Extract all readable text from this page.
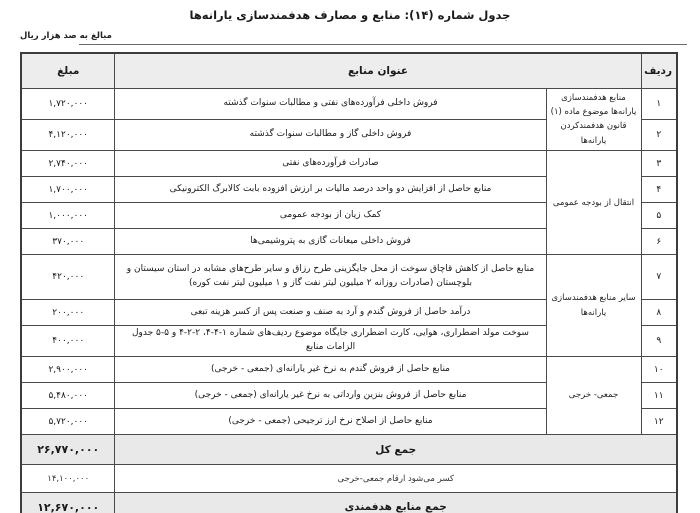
جدول شماره (۱۴): منابع و مصارف هدفمندسازی یارانه‌ها
مبالغ به صد هزار ریال
ردیف	عنوان منابع		مبلغ
۱	منابع هدفمندسازی یارانه‌ها موضوع ماده (۱) قانون هدفمندکردن یارانه‌ها	فروش داخلی فرآورده‌های نفتی و مطالبات سنوات گذشته	۱,۷۲۰,۰۰۰
۲		فروش داخلی گاز و مطالبات سنوات گذشته	۴,۱۲۰,۰۰۰
۳	انتقال از بودجه عمومی	صادرات فرآورده‌های نفتی	۲,۷۴۰,۰۰۰
۴		منابع حاصل از افزایش دو واحد درصد مالیات بر ارزش افزوده بابت کالابرگ الکترونیکی	۱,۷۰۰,۰۰۰
۵		کمک زیان از بودجه عمومی	۱,۰۰۰,۰۰۰
۶		فروش داخلی میعانات گازی به پتروشیمی‌ها	۳۷۰,۰۰۰
۷	سایر منابع هدفمندسازی یارانه‌ها	منابع حاصل از کاهش قاچاق سوخت از محل جایگزینی طرح رزاق و سایر طرح‌های مشابه در استان سیستان و بلوچستان (صادرات روزانه ۲ میلیون لیتر نفت گاز و ۱ میلیون لیتر نفت کوره)	۴۲۰,۰۰۰
۸		درآمد حاصل از فروش گندم و آرد به صنف و صنعت پس از کسر هزینه تبعی	۲۰۰,۰۰۰
۹		سوخت مولد اضطراری، هوایی، کارت اضطراری جایگاه موضوع ردیف‌های شماره ۱-۴-۴، ۲-۲-۴ و ۵-۵ جدول الزامات منابع	۴۰۰,۰۰۰
۱۰	جمعی- خرجی	منابع حاصل از فروش گندم به نرخ غیر یارانه‌ای (جمعی - خرجی)	۲,۹۰۰,۰۰۰
۱۱		منابع حاصل از فروش بنزین وارداتی به نرخ غیر یارانه‌ای (جمعی - خرجی)	۵,۴۸۰,۰۰۰
۱۲		منابع حاصل از اصلاح نرخ ارز ترجیحی (جمعی - خرجی)	۵,۷۲۰,۰۰۰
جمع کل			۲۶,۷۷۰,۰۰۰
کسر می‌شود ارقام جمعی-خرجی			۱۴,۱۰۰,۰۰۰
جمع منابع هدفمندی			۱۲,۶۷۰,۰۰۰
